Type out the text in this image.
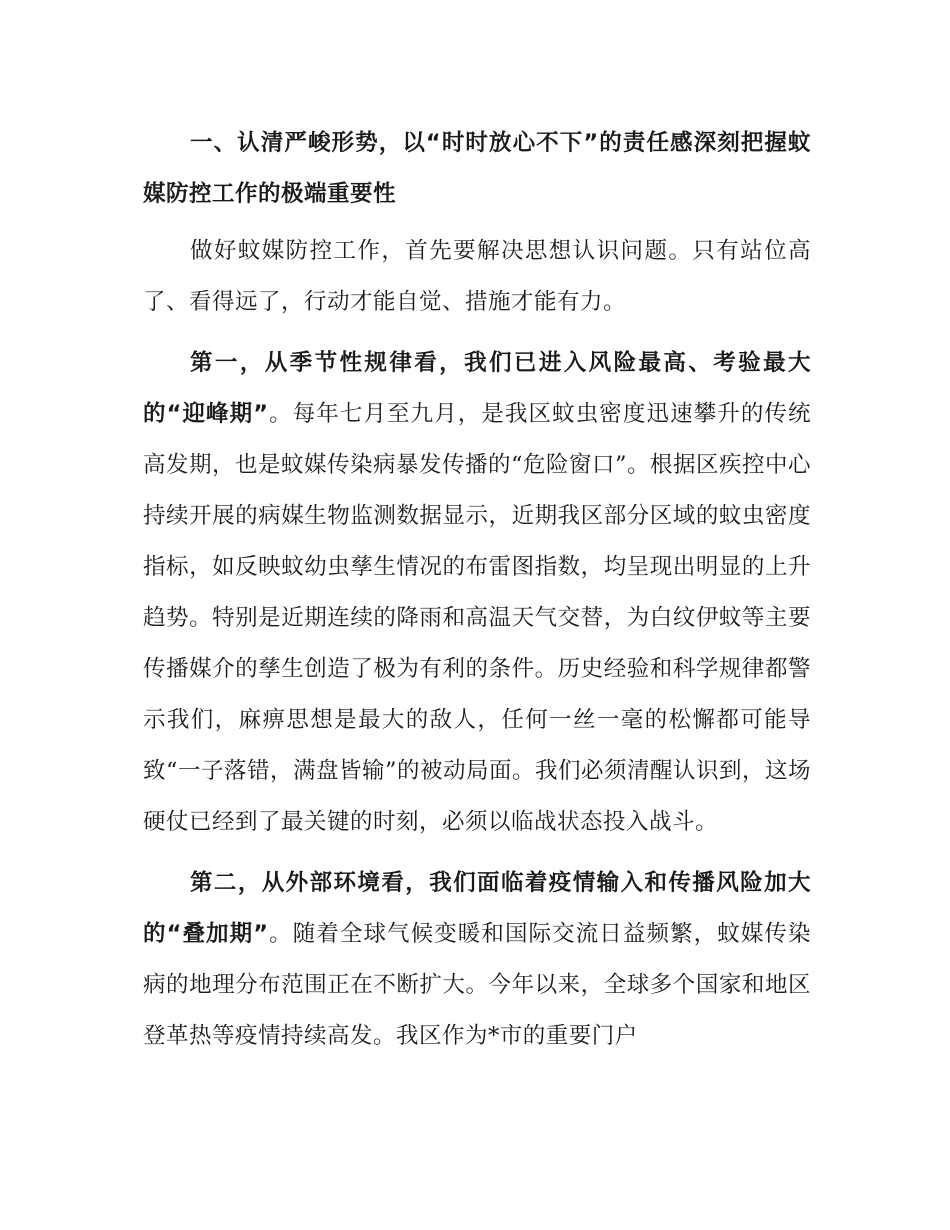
一、认清严峻形势，以“时时放心不下”的责任感深刻把握蚊媒防控工作的极端重要性

做好蚊媒防控工作，首先要解决思想认识问题。只有站位高了、看得远了，行动才能自觉、措施才能有力。

第一，从季节性规律看，我们已进入风险最高、考验最大的“迎峰期”。每年七月至九月，是我区蚊虫密度迅速攀升的传统高发期，也是蚊媒传染病暴发传播的“危险窗口”。根据区疾控中心持续开展的病媒生物监测数据显示，近期我区部分区域的蚊虫密度指标，如反映蚊幼虫孳生情况的布雷图指数，均呈现出明显的上升趋势。特别是近期连续的降雨和高温天气交替，为白纹伊蚊等主要传播媒介的孳生创造了极为有利的条件。历史经验和科学规律都警示我们，麻痹思想是最大的敌人，任何一丝一毫的松懈都可能导致“一子落错，满盘皆输”的被动局面。我们必须清醒认识到，这场硬仗已经到了最关键的时刻，必须以临战状态投入战斗。

第二，从外部环境看，我们面临着疫情输入和传播风险加大的“叠加期”。随着全球气候变暖和国际交流日益频繁，蚊媒传染病的地理分布范围正在不断扩大。今年以来，全球多个国家和地区登革热等疫情持续高发。我区作为*市的重要门户
